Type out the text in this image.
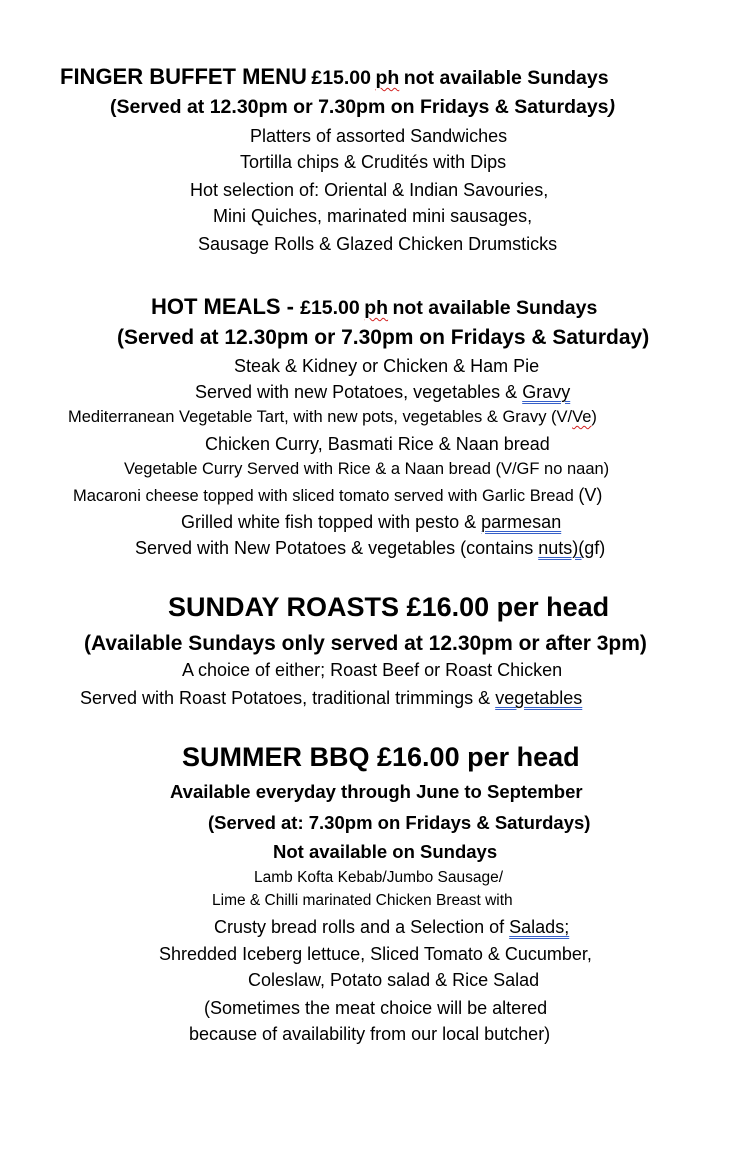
FINGER BUFFET MENU £15.00 ph not available Sundays
(Served at 12.30pm or 7.30pm on Fridays & Saturdays)
Platters of assorted Sandwiches
Tortilla chips & Crudités with Dips
Hot selection of: Oriental & Indian Savouries,
Mini Quiches, marinated mini sausages,
Sausage Rolls & Glazed Chicken Drumsticks
HOT MEALS - £15.00 ph not available Sundays
(Served at 12.30pm or 7.30pm on Fridays & Saturday)
Steak & Kidney or Chicken & Ham Pie
Served with new Potatoes, vegetables & Gravy
Mediterranean Vegetable Tart, with new pots, vegetables & Gravy (V/Ve)
Chicken Curry, Basmati Rice & Naan bread
Vegetable Curry Served with Rice & a Naan bread (V/GF no naan)
Macaroni cheese topped with sliced tomato served with Garlic Bread (V)
Grilled white fish topped with pesto & parmesan
Served with New Potatoes & vegetables (contains nuts)(gf)
SUNDAY ROASTS £16.00 per head
(Available Sundays only served at 12.30pm or after 3pm)
A choice of either; Roast Beef or Roast Chicken
Served with Roast Potatoes, traditional trimmings & vegetables
SUMMER BBQ £16.00 per head
Available everyday through June to September
(Served at: 7.30pm on Fridays & Saturdays)
Not available on Sundays
Lamb Kofta Kebab/Jumbo Sausage/
Lime & Chilli marinated Chicken Breast with
Crusty bread rolls and a Selection of Salads;
Shredded Iceberg lettuce, Sliced Tomato & Cucumber,
Coleslaw, Potato salad & Rice Salad
(Sometimes the meat choice will be altered
because of availability from our local butcher)
